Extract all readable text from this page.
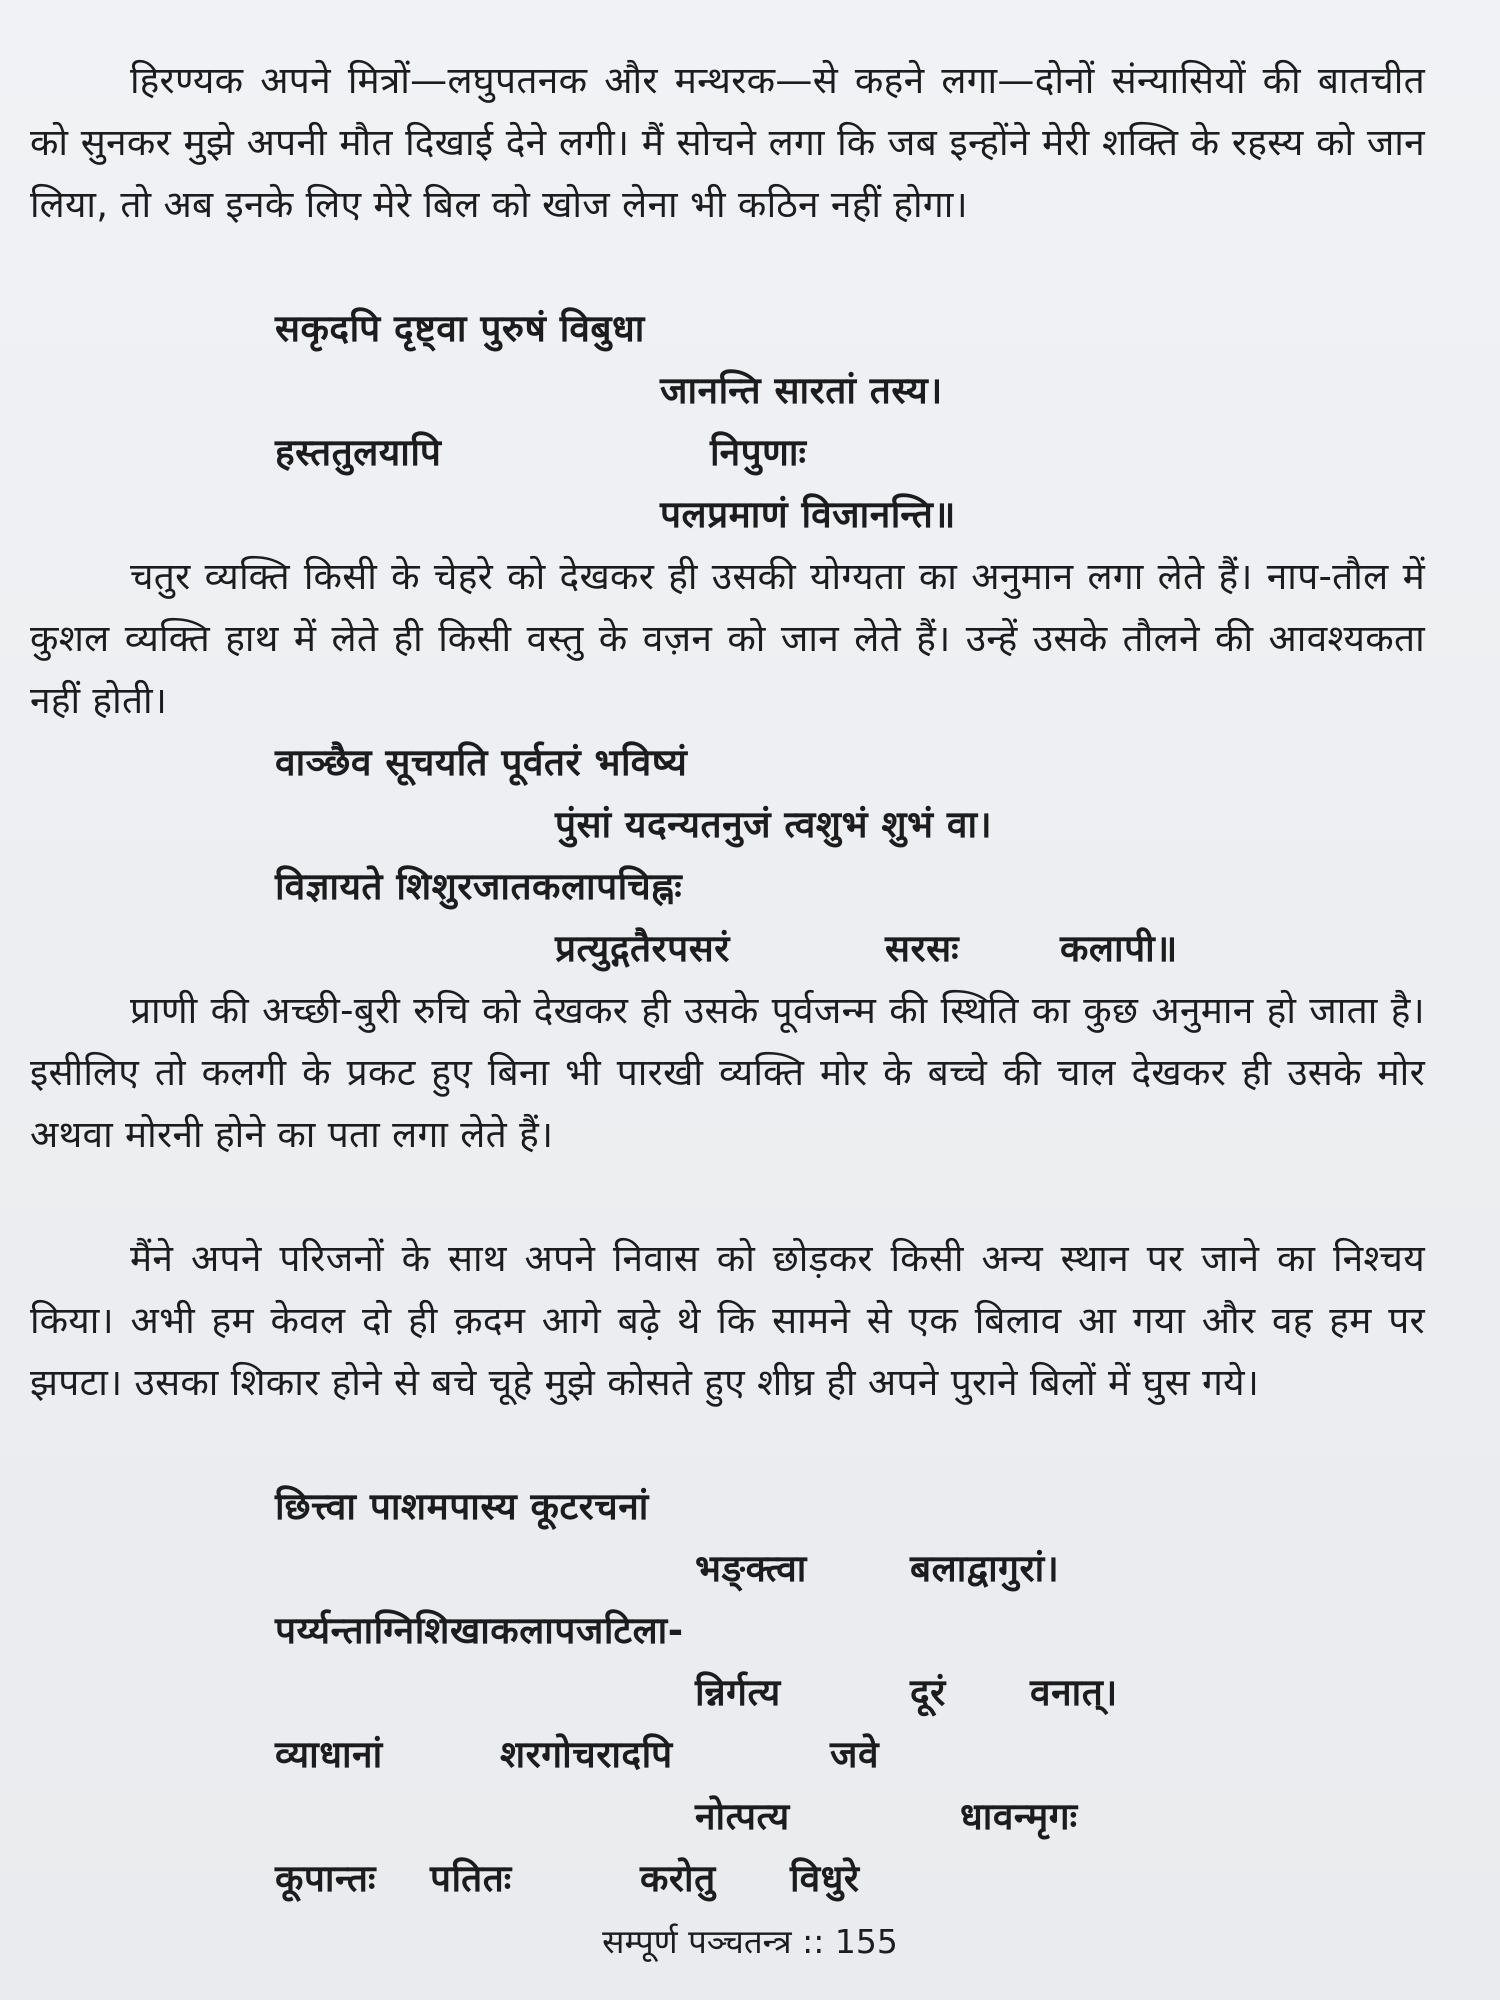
हिरण्यक अपने मित्रों—लघुपतनक और मन्थरक—से कहने लगा—दोनों संन्यासियों की बातचीत को सुनकर मुझे अपनी मौत दिखाई देने लगी। मैं सोचने लगा कि जब इन्होंने मेरी शक्ति के रहस्य को जान लिया, तो अब इनके लिए मेरे बिल को खोज लेना भी कठिन नहीं होगा।

सकृदपि दृष्ट्वा पुरुषं विबुधा
जानन्ति सारतां तस्य।
हस्ततुलयापि	निपुणाः
पलप्रमाणं विजानन्ति॥

चतुर व्यक्ति किसी के चेहरे को देखकर ही उसकी योग्यता का अनुमान लगा लेते हैं। नाप-तौल में कुशल व्यक्ति हाथ में लेते ही किसी वस्तु के वज़न को जान लेते हैं। उन्हें उसके तौलने की आवश्यकता नहीं होती।

वाञ्छैव सूचयति पूर्वतरं भविष्यं
पुंसां यदन्यतनुजं त्वशुभं शुभं वा।
विज्ञायते शिशुरजातकलापचिह्नः
प्रत्युद्गतैरपसरं	सरसः	कलापी॥

प्राणी की अच्छी-बुरी रुचि को देखकर ही उसके पूर्वजन्म की स्थिति का कुछ अनुमान हो जाता है। इसीलिए तो कलगी के प्रकट हुए बिना भी पारखी व्यक्ति मोर के बच्चे की चाल देखकर ही उसके मोर अथवा मोरनी होने का पता लगा लेते हैं।

मैंने अपने परिजनों के साथ अपने निवास को छोड़कर किसी अन्य स्थान पर जाने का निश्चय किया। अभी हम केवल दो ही क़दम आगे बढ़े थे कि सामने से एक बिलाव आ गया और वह हम पर झपटा। उसका शिकार होने से बचे चूहे मुझे कोसते हुए शीघ्र ही अपने पुराने बिलों में घुस गये।

छित्त्वा पाशमपास्य कूटरचनां
भङ्क्त्वा	बलाद्वागुरां।
पर्य्यन्ताग्निशिखाकलापजटिला-
न्निर्गत्य	दूरं वनात्।
व्याधानां	शरगोचरादपि	जवे
नोत्पत्य	धावन्मृगः
कूपान्तः पतितः	करोतु विधुरे
सम्पूर्ण पञ्चतन्त्र :: 155
